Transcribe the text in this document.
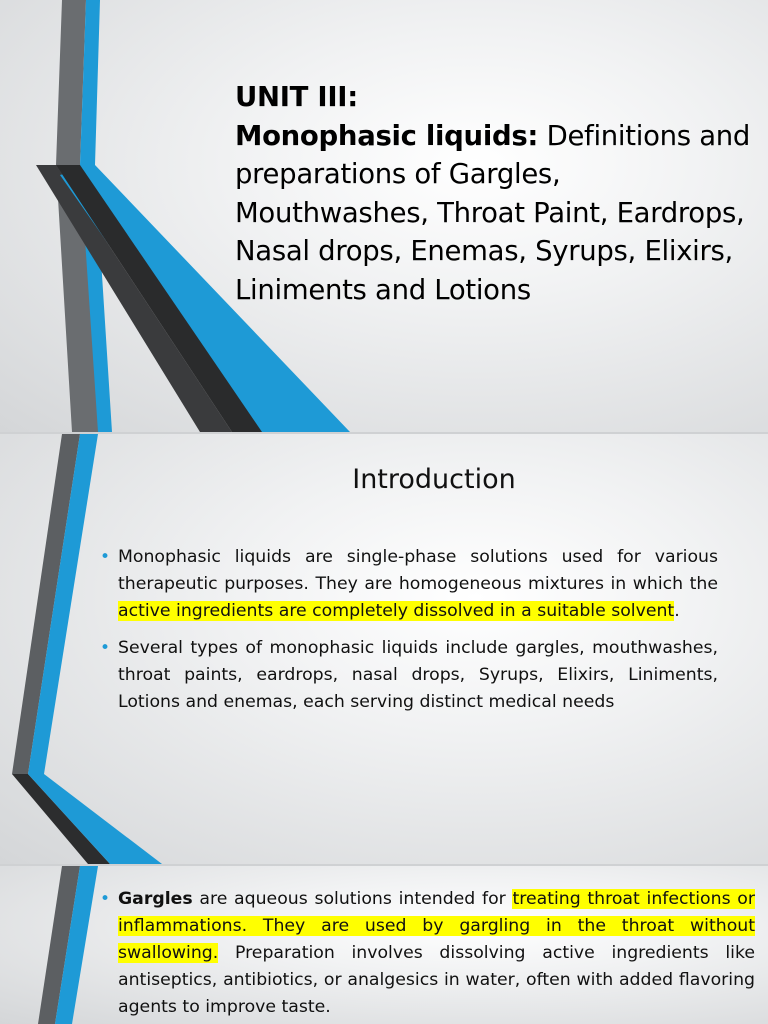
UNIT III:
Monophasic liquids: Definitions and preparations of Gargles, Mouthwashes, Throat Paint, Eardrops, Nasal drops, Enemas, Syrups, Elixirs, Liniments and Lotions
Introduction
• Monophasic liquids are single-phase solutions used for various therapeutic purposes. They are homogeneous mixtures in which the active ingredients are completely dissolved in a suitable solvent.
• Several types of monophasic liquids include gargles, mouthwashes, throat paints, eardrops, nasal drops, Syrups, Elixirs, Liniments, Lotions and enemas, each serving distinct medical needs
• Gargles are aqueous solutions intended for treating throat infections or inflammations. They are used by gargling in the throat without swallowing. Preparation involves dissolving active ingredients like antiseptics, antibiotics, or analgesics in water, often with added flavoring agents to improve taste.
